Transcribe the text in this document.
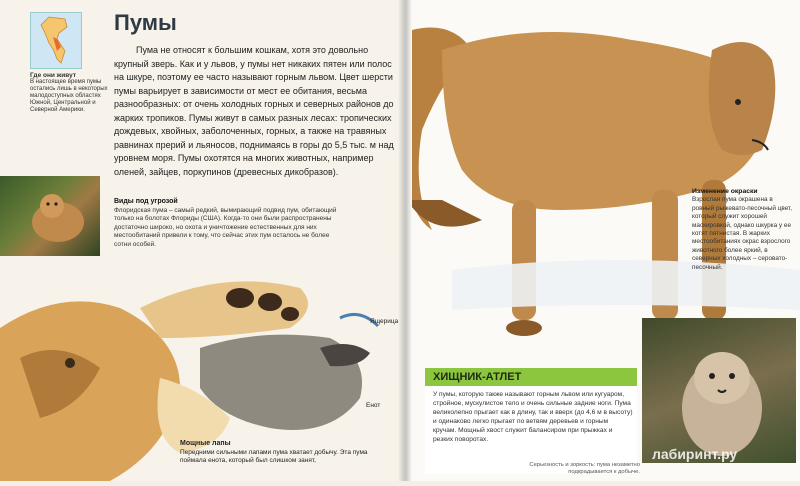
Где они живут
В настоящее время пумы остались лишь в некоторых малодоступных областях Южной, Центральной и Северной Америки.
Пумы
Пума не относят к большим кошкам, хотя это довольно крупный зверь. Как и у львов, у пумы нет никаких пятен или полос на шкуре, поэтому ее часто называют горным львом. Цвет шерсти пумы варьирует в зависимости от мест ее обитания, весьма разнообразных: от очень холодных горных и северных районов до жарких тропиков. Пумы живут в самых разных лесах: тропических дождевых, хвойных, заболоченных, горных, а также на травяных равнинах прерий и льяносов, поднимаясь в горы до 5,5 тыс. м над уровнем моря. Пумы охотятся на многих животных, например оленей, зайцев, поркупинов (древесных дикобразов).
Виды под угрозой
Флоридская пума – самый редкий, вымирающий подвид пум, обитающий только на болотах Флориды (США). Когда-то они были распространены достаточно широко, но охота и уничтожение естественных для них местообитаний привели к тому, что сейчас этих пум осталось не более сотни особей.
Ящерица
Енот
Мощные лапы
Передними сильными лапами пума хватает добычу. Эта пума поймала енота, который был слишком занят,
Изменение окраски
Взрослая пума окрашена в ровный рыжевато-песочный цвет, который служит хорошей маскировкой, однако шкурка у ее котят пятнистая. В жарких местообитаниях окрас взрослого животного более яркий, в северных холодных – серовато-песочный.
ХИЩНИК-АТЛЕТ
У пумы, которую также называют горным львом или кугуаром, стройное, мускулистое тело и очень сильные задние ноги. Пума великолепно прыгает как в длину, так и вверх (до 4,6 м в высоту) и одинаково легко прыгает по ветвям деревьев и горным кручам. Мощный хвост служит балансиром при прыжках и резких поворотах.
Серьезность и зоркость: пума незаметно подкрадывается к добыче.
лабиринт.ру
